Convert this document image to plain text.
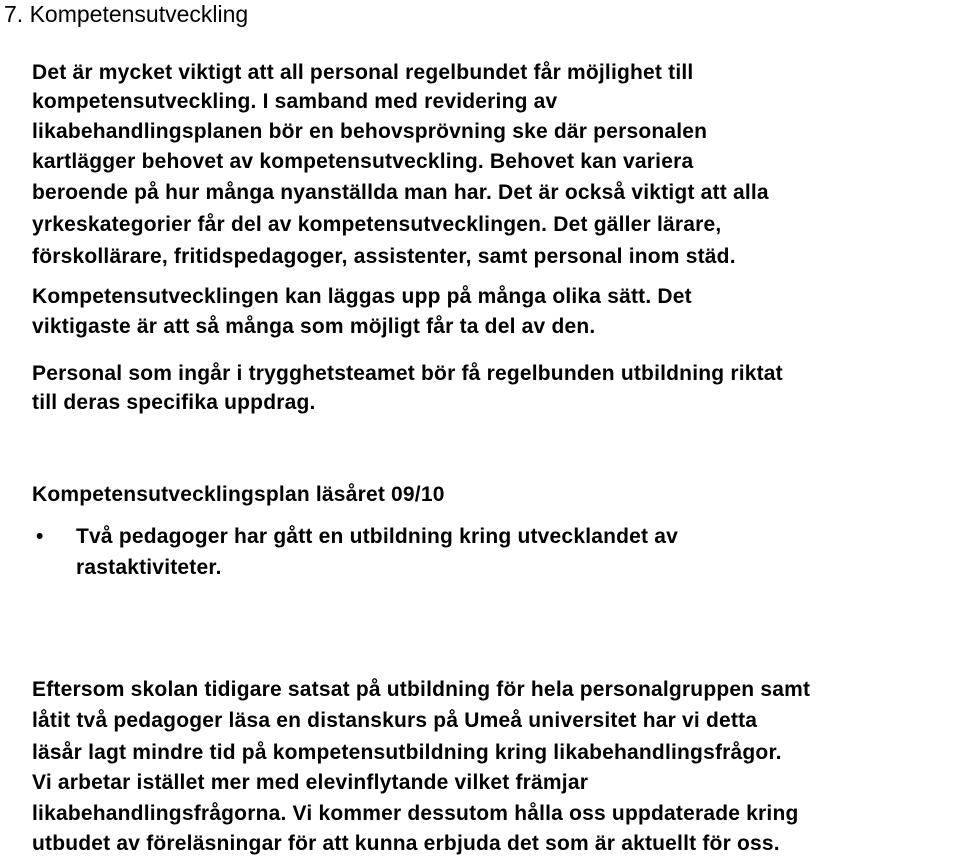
7. Kompetensutveckling
Det är mycket viktigt att all personal regelbundet får möjlighet till
kompetensutveckling. I samband med revidering av
likabehandlingsplanen bör en behovsprövning ske där personalen
kartlägger behovet av kompetensutveckling. Behovet kan variera
beroende på hur många nyanställda man har. Det är också viktigt att alla
yrkeskategorier får del av kompetensutvecklingen. Det gäller lärare,
förskollärare, fritidspedagoger, assistenter, samt personal inom städ.
Kompetensutvecklingen kan läggas upp på många olika sätt. Det
viktigaste är att så många som möjligt får ta del av den.
Personal som ingår i trygghetsteamet bör få regelbunden utbildning riktat
till deras specifika uppdrag.
Kompetensutvecklingsplan läsåret 09/10
• Två pedagoger har gått en utbildning kring utvecklandet av
rastaktiviteter.
Eftersom skolan tidigare satsat på utbildning för hela personalgruppen samt
låtit två pedagoger läsa en distanskurs på Umeå universitet har vi detta
läsår lagt mindre tid på kompetensutbildning kring likabehandlingsfrågor.
Vi arbetar istället mer med elevinflytande vilket främjar
likabehandlingsfrågorna. Vi kommer dessutom hålla oss uppdaterade kring
utbudet av föreläsningar för att kunna erbjuda det som är aktuellt för oss.
